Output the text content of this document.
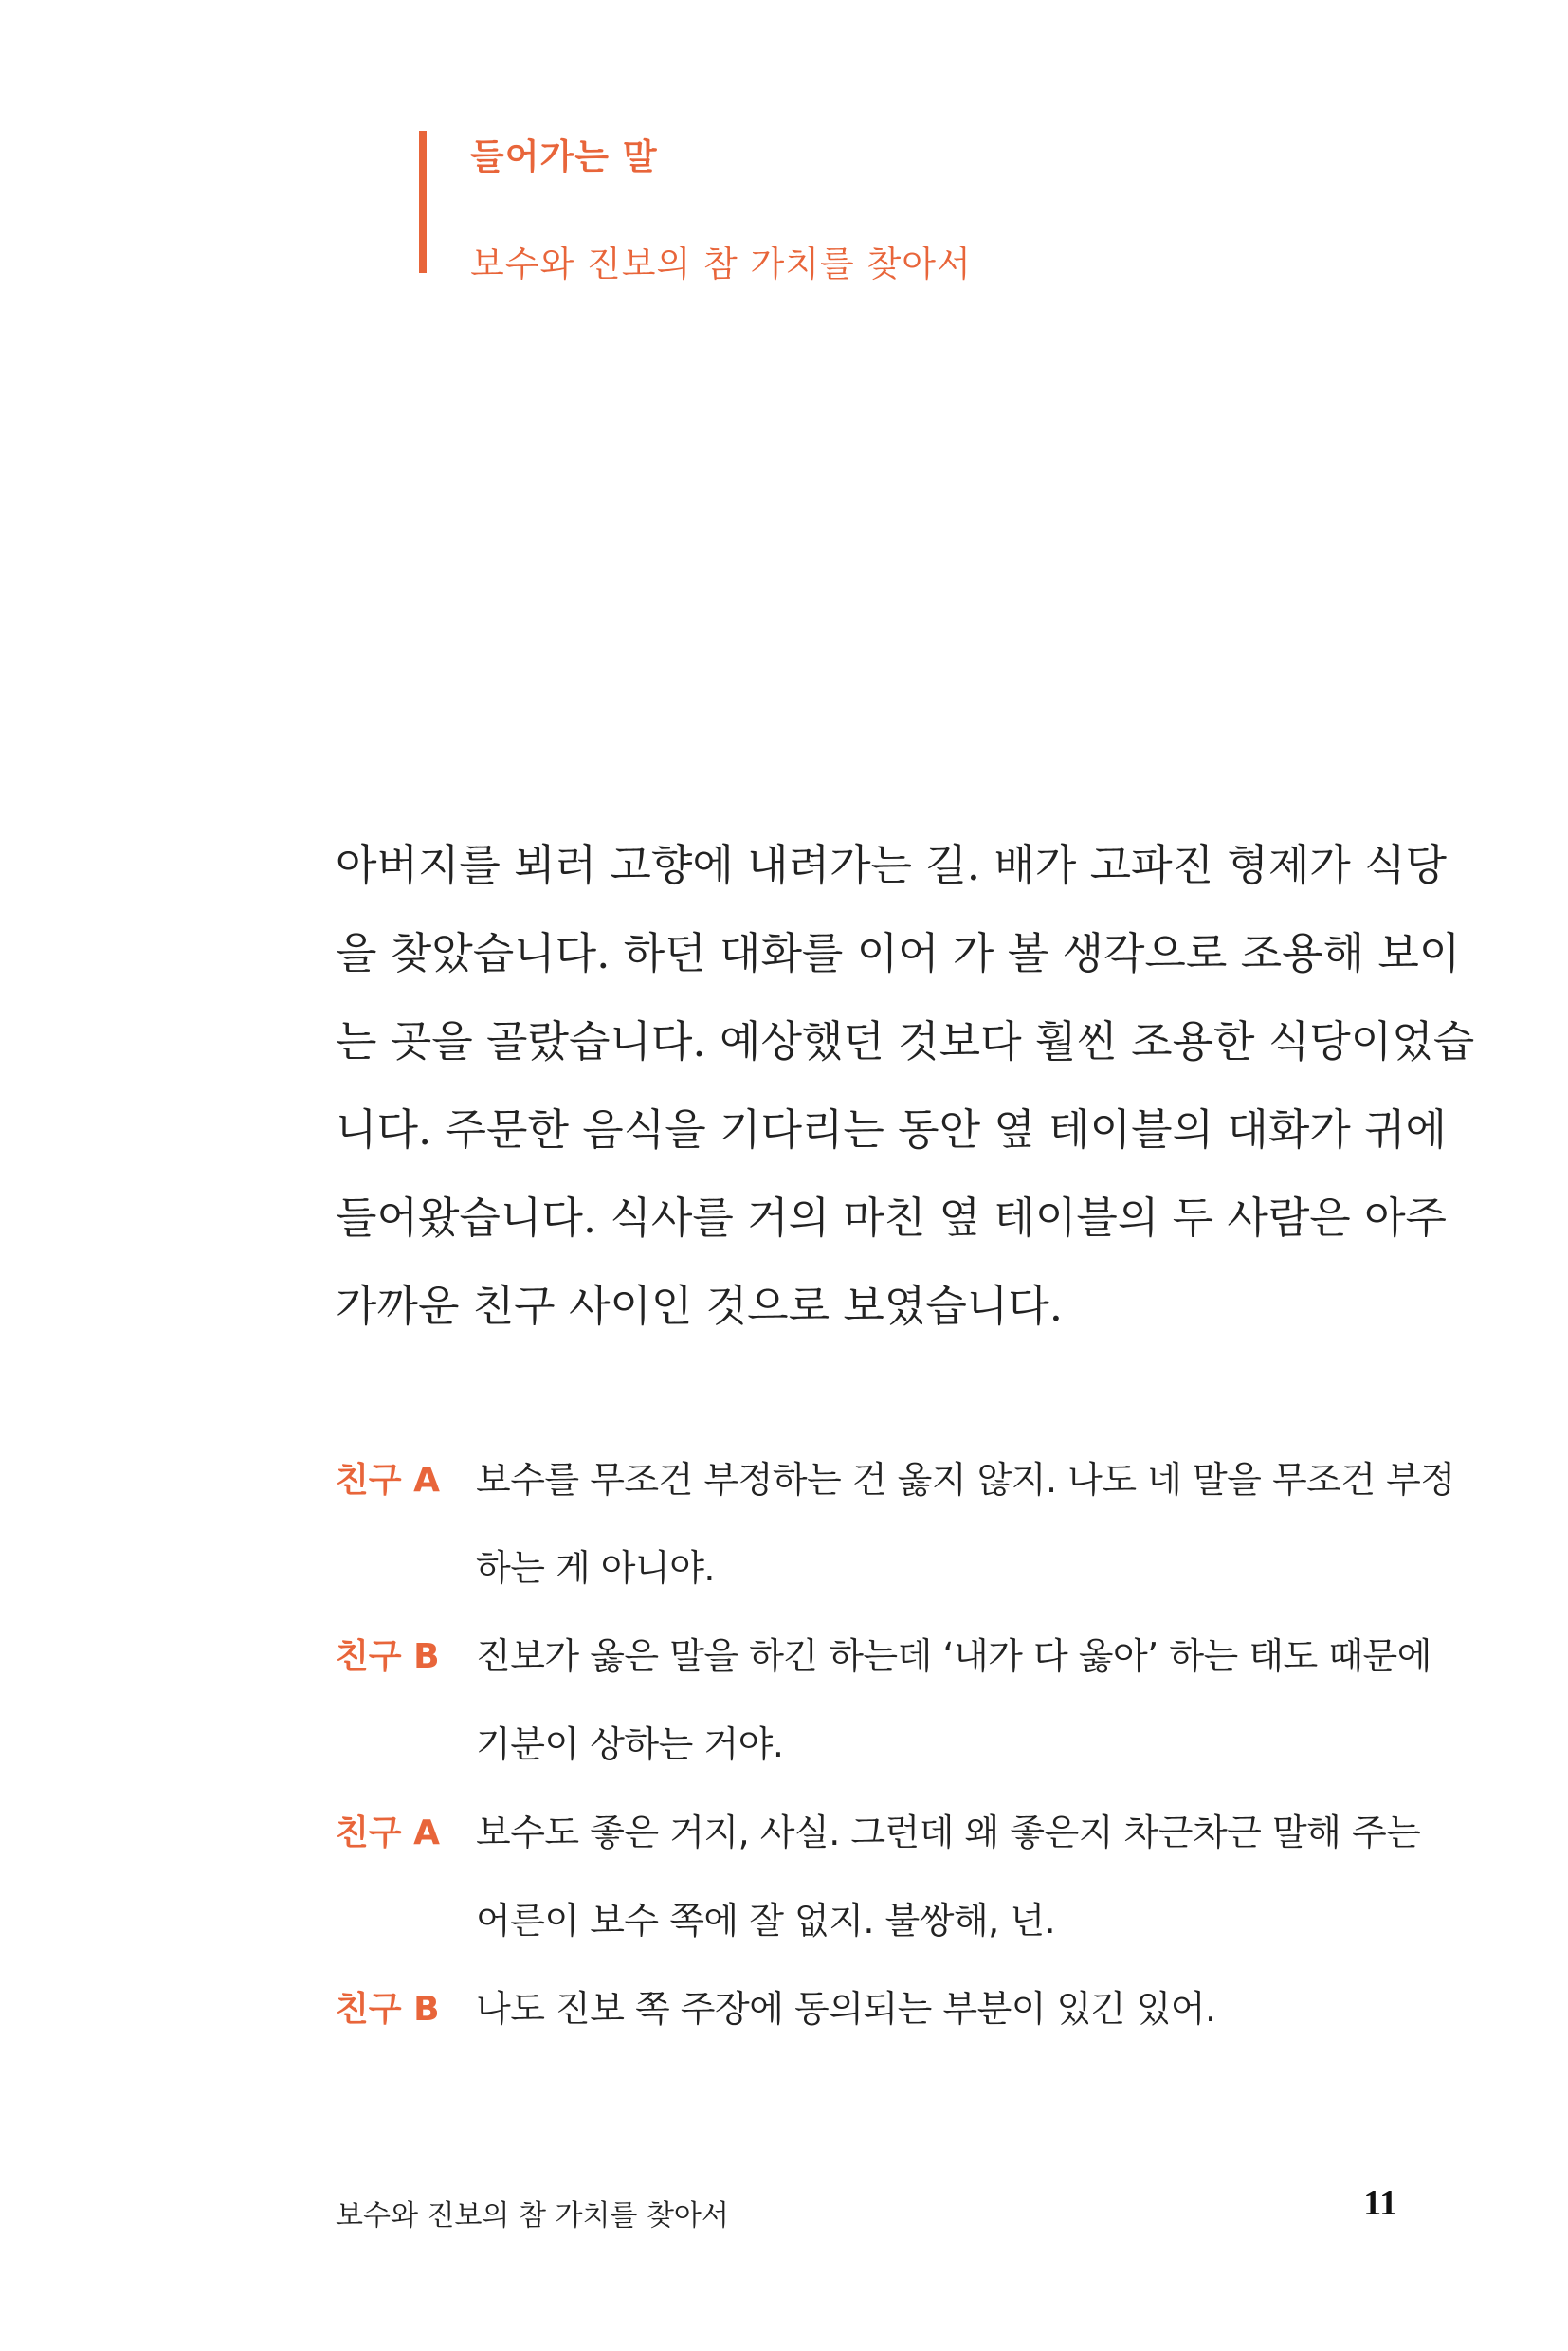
들어가는 말
보수와 진보의 참 가치를 찾아서
아버지를 뵈러 고향에 내려가는 길. 배가 고파진 형제가 식당
을 찾았습니다. 하던 대화를 이어 가 볼 생각으로 조용해 보이
는 곳을 골랐습니다. 예상했던 것보다 훨씬 조용한 식당이었습
니다. 주문한 음식을 기다리는 동안 옆 테이블의 대화가 귀에
들어왔습니다. 식사를 거의 마친 옆 테이블의 두 사람은 아주
가까운 친구 사이인 것으로 보였습니다.
친구 A	보수를 무조건 부정하는 건 옳지 않지. 나도 네 말을 무조건 부정
하는 게 아니야.
친구 B	진보가 옳은 말을 하긴 하는데 ‘내가 다 옳아’ 하는 태도 때문에
기분이 상하는 거야.
친구 A	보수도 좋은 거지, 사실. 그런데 왜 좋은지 차근차근 말해 주는
어른이 보수 쪽에 잘 없지. 불쌍해, 넌.
친구 B	나도 진보 쪽 주장에 동의되는 부분이 있긴 있어.
보수와 진보의 참 가치를 찾아서	11
